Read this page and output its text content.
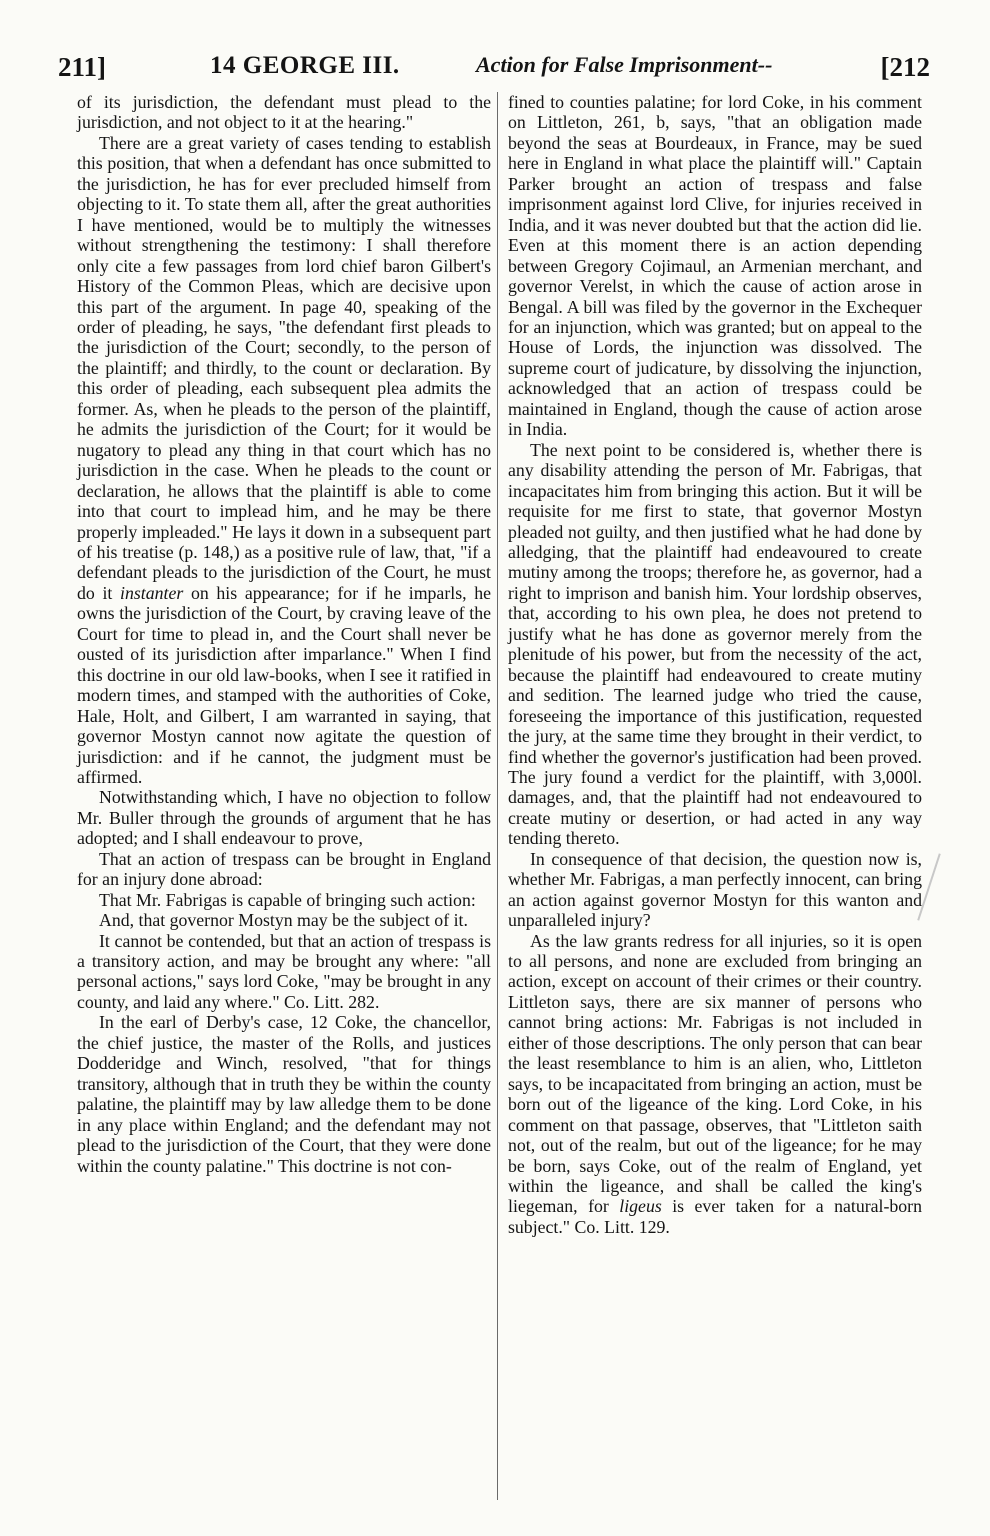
211]	14 GEORGE III.	Action for False Imprisonment--	[212

of its jurisdiction, the defendant must plead to the jurisdiction, and not object to it at the hearing."

There are a great variety of cases tending to establish this position, that when a defendant has once submitted to the jurisdiction, he has for ever precluded himself from objecting to it. To state them all, after the great authorities I have mentioned, would be to multiply the witnesses without strengthening the testimony: I shall therefore only cite a few passages from lord chief baron Gilbert's History of the Common Pleas, which are decisive upon this part of the argument. In page 40, speaking of the order of pleading, he says, "the defendant first pleads to the jurisdiction of the Court; secondly, to the person of the plaintiff; and thirdly, to the count or declaration. By this order of pleading, each subsequent plea admits the former. As, when he pleads to the person of the plaintiff, he admits the jurisdiction of the Court; for it would be nugatory to plead any thing in that court which has no jurisdiction in the case. When he pleads to the count or declaration, he allows that the plaintiff is able to come into that court to implead him, and he may be there properly impleaded." He lays it down in a subsequent part of his treatise (p. 148,) as a positive rule of law, that, "if a defendant pleads to the jurisdiction of the Court, he must do it instanter on his appearance; for if he imparls, he owns the jurisdiction of the Court, by craving leave of the Court for time to plead in, and the Court shall never be ousted of its jurisdiction after imparlance." When I find this doctrine in our old law-books, when I see it ratified in modern times, and stamped with the authorities of Coke, Hale, Holt, and Gilbert, I am warranted in saying, that governor Mostyn cannot now agitate the question of jurisdiction: and if he cannot, the judgment must be affirmed.

Notwithstanding which, I have no objection to follow Mr. Buller through the grounds of argument that he has adopted; and I shall endeavour to prove,

That an action of trespass can be brought in England for an injury done abroad:

That Mr. Fabrigas is capable of bringing such action:

And, that governor Mostyn may be the subject of it.

It cannot be contended, but that an action of trespass is a transitory action, and may be brought any where: "all personal actions," says lord Coke, "may be brought in any county, and laid any where." Co. Litt. 282.

In the earl of Derby's case, 12 Coke, the chancellor, the chief justice, the master of the Rolls, and justices Dodderidge and Winch, resolved, "that for things transitory, although that in truth they be within the county palatine, the plaintiff may by law alledge them to be done in any place within England; and the defendant may not plead to the jurisdiction of the Court, that they were done within the county palatine." This doctrine is not con-

fined to counties palatine; for lord Coke, in his comment on Littleton, 261, b, says, "that an obligation made beyond the seas at Bourdeaux, in France, may be sued here in England in what place the plaintiff will." Captain Parker brought an action of trespass and false imprisonment against lord Clive, for injuries received in India, and it was never doubted but that the action did lie. Even at this moment there is an action depending between Gregory Cojimaul, an Armenian merchant, and governor Verelst, in which the cause of action arose in Bengal. A bill was filed by the governor in the Exchequer for an injunction, which was granted; but on appeal to the House of Lords, the injunction was dissolved. The supreme court of judicature, by dissolving the injunction, acknowledged that an action of trespass could be maintained in England, though the cause of action arose in India.

The next point to be considered is, whether there is any disability attending the person of Mr. Fabrigas, that incapacitates him from bringing this action. But it will be requisite for me first to state, that governor Mostyn pleaded not guilty, and then justified what he had done by alledging, that the plaintiff had endeavoured to create mutiny among the troops; therefore he, as governor, had a right to imprison and banish him. Your lordship observes, that, according to his own plea, he does not pretend to justify what he has done as governor merely from the plenitude of his power, but from the necessity of the act, because the plaintiff had endeavoured to create mutiny and sedition. The learned judge who tried the cause, foreseeing the importance of this justification, requested the jury, at the same time they brought in their verdict, to find whether the governor's justification had been proved. The jury found a verdict for the plaintiff, with 3,000l. damages, and, that the plaintiff had not endeavoured to create mutiny or desertion, or had acted in any way tending thereto.

In consequence of that decision, the question now is, whether Mr. Fabrigas, a man perfectly innocent, can bring an action against governor Mostyn for this wanton and unparalleled injury?

As the law grants redress for all injuries, so it is open to all persons, and none are excluded from bringing an action, except on account of their crimes or their country. Littleton says, there are six manner of persons who cannot bring actions: Mr. Fabrigas is not included in either of those descriptions. The only person that can bear the least resemblance to him is an alien, who, Littleton says, to be incapacitated from bringing an action, must be born out of the ligeance of the king. Lord Coke, in his comment on that passage, observes, that "Littleton saith not, out of the realm, but out of the ligeance; for he may be born, says Coke, out of the realm of England, yet within the ligeance, and shall be called the king's liegeman, for ligeus is ever taken for a natural-born subject." Co. Litt. 129.
